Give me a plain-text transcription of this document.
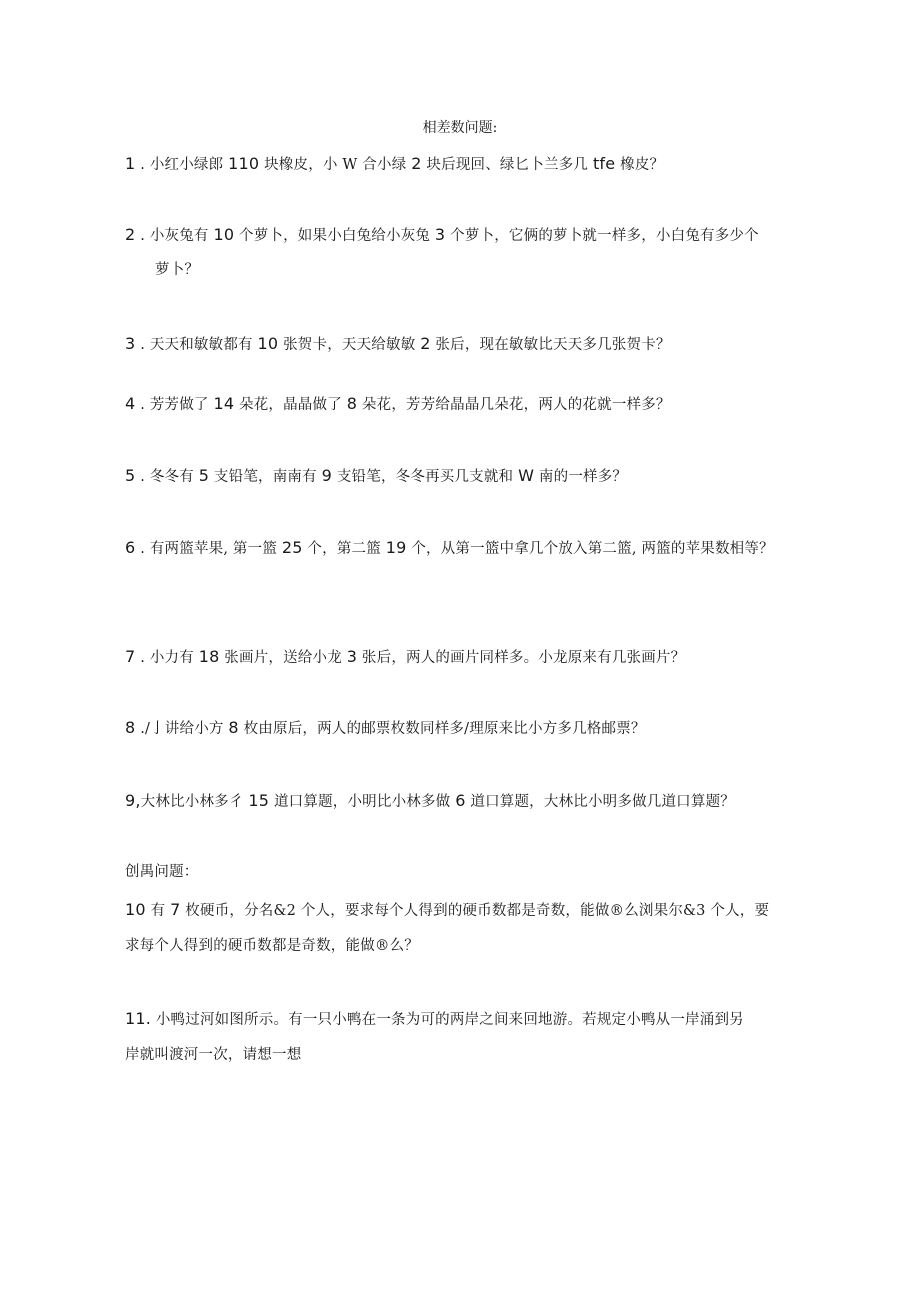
相差数问题:
1 . 小红小绿郎 110 块橡皮，小 W 合小绿 2 块后现回、绿匕卜兰多几 tfe 橡皮？
2 . 小灰兔有 10 个萝卜，如果小白兔给小灰兔 3 个萝卜，它俩的萝卜就一样多，小白兔有多少个
萝卜？
3 . 天天和敏敏都有 10 张贺卡，天天给敏敏 2 张后，现在敏敏比天天多几张贺卡？
4 . 芳芳做了 14 朵花，晶晶做了 8 朵花，芳芳给晶晶几朵花，两人的花就一样多？
5 . 冬冬有 5 支铅笔，南南有 9 支铅笔，冬冬再买几支就和 W 南的一样多？
6 . 有两篮苹果, 第一篮 25 个，第二篮 19 个，从第一篮中拿几个放入第二篮, 两篮的苹果数相等？
7 . 小力有 18 张画片，送给小龙 3 张后，两人的画片同样多。小龙原来有几张画片？
8 ./亅讲给小方 8 枚由原后，两人的邮票枚数同样多/理原来比小方多几格邮票？
9,大林比小林多彳 15 道口算题，小明比小林多做 6 道口算题，大林比小明多做几道口算题？
创禺问题：
10 有 7 枚硬币，分名&2 个人，要求每个人得到的硬币数都是奇数，能做®么浏果尔&3 个人，要
求每个人得到的硬币数都是奇数，能做®么？
11. 小鸭过河如图所示。有一只小鸭在一条为可的两岸之间来回地游。若规定小鸭从一岸涌到另
岸就叫渡河一次，请想一想
